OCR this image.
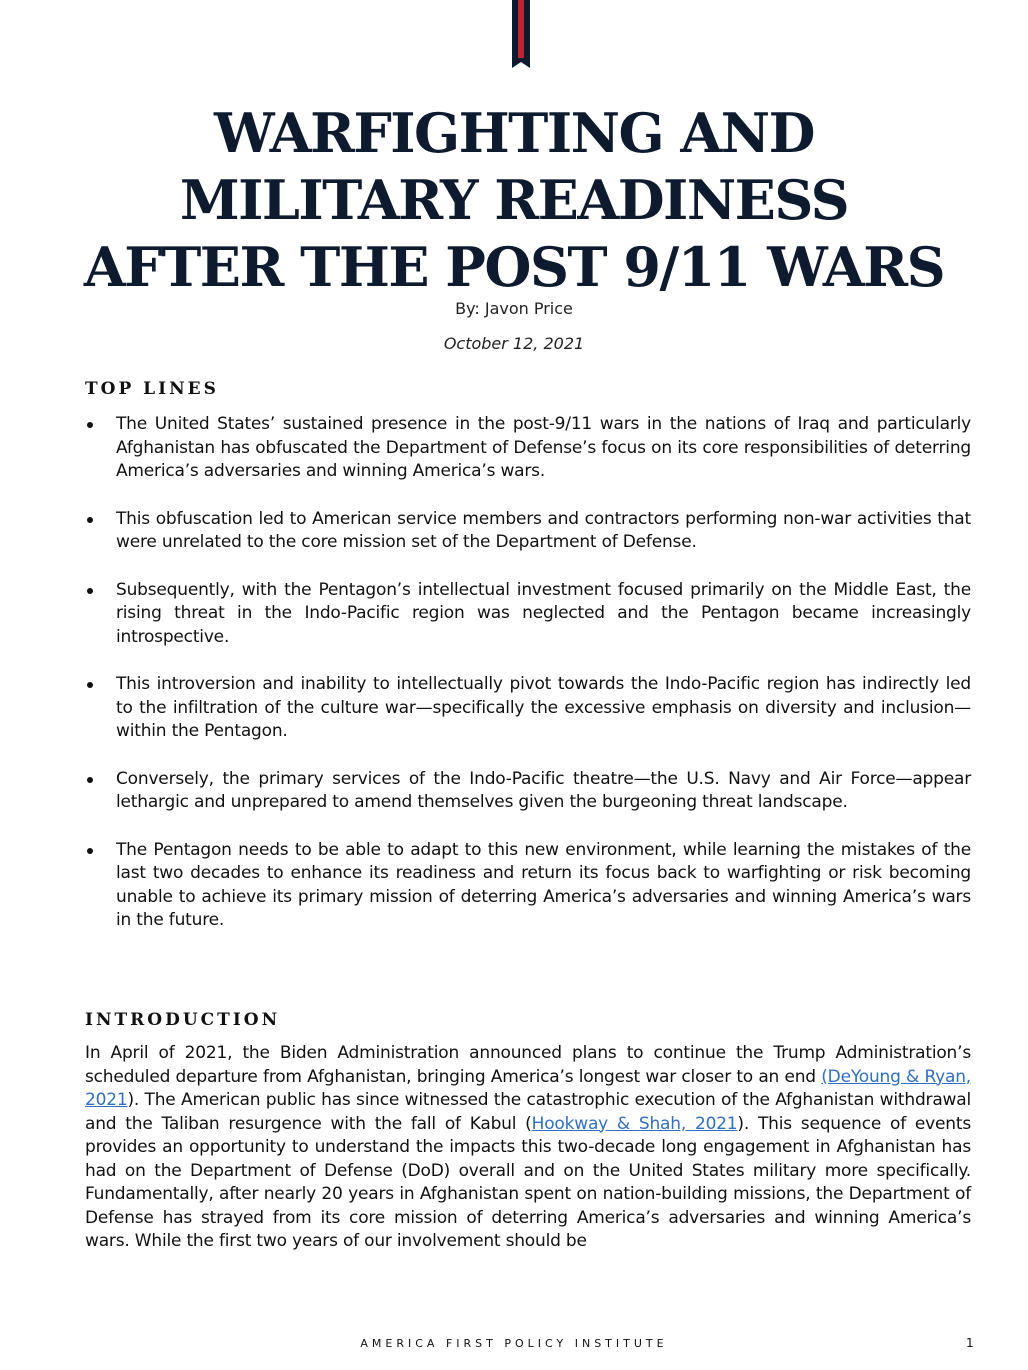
WARFIGHTING AND
MILITARY READINESS
AFTER THE POST 9/11 WARS
By: Javon Price
October 12, 2021
TOP LINES
The United States’ sustained presence in the post-9/11 wars in the nations of Iraq and particularly Afghanistan has obfuscated the Department of Defense’s focus on its core responsibilities of deterring America’s adversaries and winning America’s wars.
This obfuscation led to American service members and contractors performing non-war activities that were unrelated to the core mission set of the Department of Defense.
Subsequently, with the Pentagon’s intellectual investment focused primarily on the Middle East, the rising threat in the Indo-Pacific region was neglected and the Pentagon became increasingly introspective.
This introversion and inability to intellectually pivot towards the Indo-Pacific region has indirectly led to the infiltration of the culture war—specifically the excessive emphasis on diversity and inclusion—within the Pentagon.
Conversely, the primary services of the Indo-Pacific theatre—the U.S. Navy and Air Force—appear lethargic and unprepared to amend themselves given the burgeoning threat landscape.
The Pentagon needs to be able to adapt to this new environment, while learning the mistakes of the last two decades to enhance its readiness and return its focus back to warfighting or risk becoming unable to achieve its primary mission of deterring America’s adversaries and winning America’s wars in the future.
INTRODUCTION

In April of 2021, the Biden Administration announced plans to continue the Trump Administration’s scheduled departure from Afghanistan, bringing America’s longest war closer to an end (DeYoung & Ryan, 2021). The American public has since witnessed the catastrophic execution of the Afghanistan withdrawal and the Taliban resurgence with the fall of Kabul (Hookway & Shah, 2021). This sequence of events provides an opportunity to understand the impacts this two-decade long engagement in Afghanistan has had on the Department of Defense (DoD) overall and on the United States military more specifically. Fundamentally, after nearly 20 years in Afghanistan spent on nation-building missions, the Department of Defense has strayed from its core mission of deterring America’s adversaries and winning America’s wars. While the first two years of our involvement should be

AMERICA FIRST POLICY INSTITUTE	1
